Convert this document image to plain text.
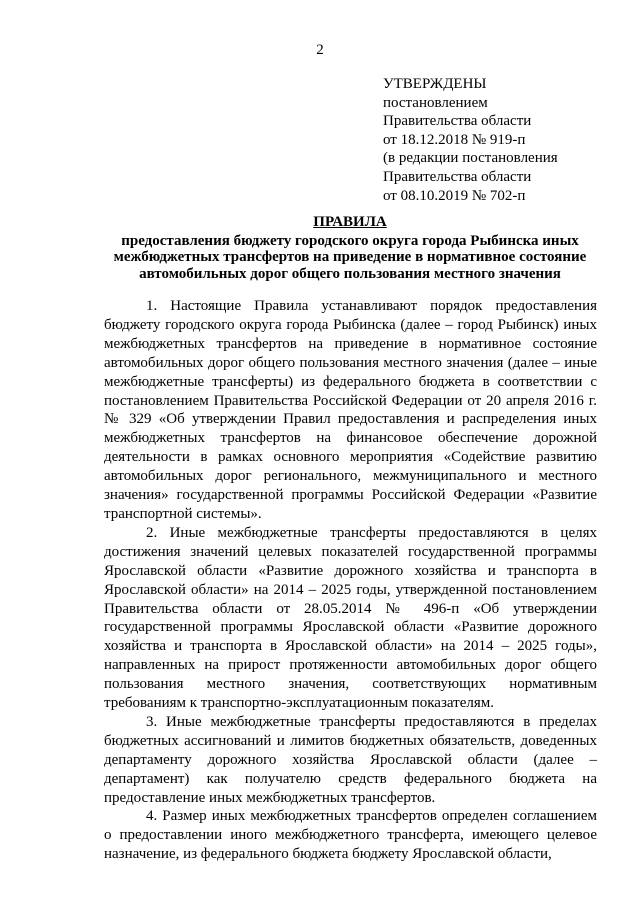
2
УТВЕРЖДЕНЫ
постановлением
Правительства области
от 18.12.2018 № 919-п
(в редакции постановления
Правительства области
от 08.10.2019 № 702-п
ПРАВИЛА
предоставления бюджету городского округа города Рыбинска иных
межбюджетных трансфертов на приведение в нормативное состояние
автомобильных дорог общего пользования местного значения

1. Настоящие Правила устанавливают порядок предоставления бюджету городского округа города Рыбинска (далее – город Рыбинск) иных межбюджетных трансфертов на приведение в нормативное состояние автомобильных дорог общего пользования местного значения (далее – иные межбюджетные трансферты) из федерального бюджета в соответствии с постановлением Правительства Российской Федерации от 20 апреля 2016 г. № 329 «Об утверждении Правил предоставления и распределения иных межбюджетных трансфертов на финансовое обеспечение дорожной деятельности в рамках основного мероприятия «Содействие развитию автомобильных дорог регионального, межмуниципального и местного значения» государственной программы Российской Федерации «Развитие транспортной системы».

2. Иные межбюджетные трансферты предоставляются в целях достижения значений целевых показателей государственной программы Ярославской области «Развитие дорожного хозяйства и транспорта в Ярославской области» на 2014 – 2025 годы, утвержденной постановлением Правительства области от 28.05.2014 № 496-п «Об утверждении государственной программы Ярославской области «Развитие дорожного хозяйства и транспорта в Ярославской области» на 2014 – 2025 годы», направленных на прирост протяженности автомобильных дорог общего пользования местного значения, соответствующих нормативным требованиям к транспортно-эксплуатационным показателям.

3. Иные межбюджетные трансферты предоставляются в пределах бюджетных ассигнований и лимитов бюджетных обязательств, доведенных департаменту дорожного хозяйства Ярославской области (далее – департамент) как получателю средств федерального бюджета на предоставление иных межбюджетных трансфертов.

4. Размер иных межбюджетных трансфертов определен соглашением о предоставлении иного межбюджетного трансферта, имеющего целевое назначение, из федерального бюджета бюджету Ярославской области,
